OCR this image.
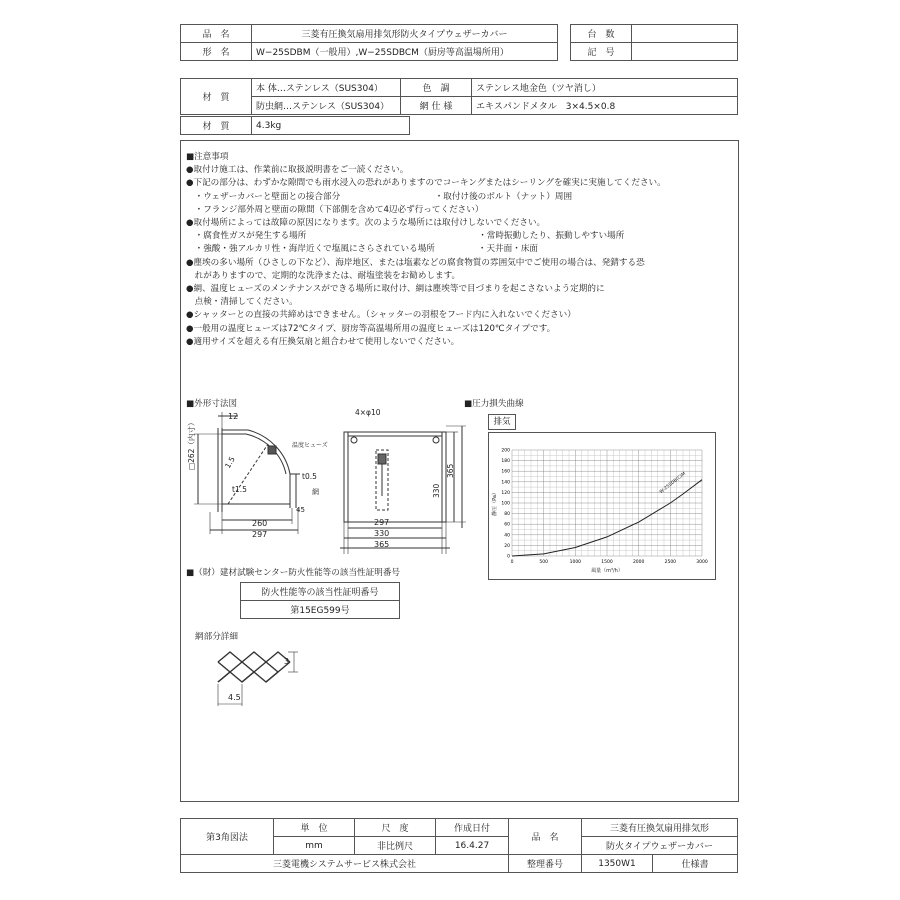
品　名	三菱有圧換気扇用排気形防火タイプウェザーカバー
形　名	W−25SDBM（一般用）,W−25SDBCM（厨房等高温場所用）
台　数	
記　号	
材　質	本 体…ステンレス（SUS304）	色　調	ステンレス地金色（ツヤ消し）
	防虫網…ステンレス（SUS304）	網 仕 様	エキスパンドメタル　3×4.5×0.8
材　質	4.3kg
■注意事項
●取付け施工は、作業前に取扱説明書をご一読ください。
●下記の部分は、わずかな隙間でも雨水浸入の恐れがありますのでコーキングまたはシーリングを確実に実施してください。
　・ウェザーカバーと壁面との接合部分　　　　　　　　　　　・取付け後のボルト（ナット）周囲
　・フランジ部外周と壁面の隙間（下部側を含めて4辺必ず行ってください）
●取付場所によっては故障の原因になります。次のような場所には取付けしないでください。
　・腐食性ガスが発生する場所　　　　　　　　　　　　　　　　　　　　・常時振動したり、振動しやすい場所
　・強酸・強アルカリ性・海岸近くで塩風にさらされている場所　　　　　・天井面・床面
●塵埃の多い場所（ひさしの下など）、海岸地区、または塩素などの腐食物質の雰囲気中でご使用の場合は、発錆する恐
　れがありますので、定期的な洗浄または、耐塩塗装をお勧めします。
●網、温度ヒューズのメンテナンスができる場所に取付け、網は塵埃等で目づまりを起こさないよう定期的に
　点検・清掃してください。
●シャッターとの直接の共締めはできません。（シャッターの羽根をフード内に入れないでください）
●一般用の温度ヒューズは72℃タイプ、厨房等高温場所用の温度ヒューズは120℃タイプです。
●適用サイズを超える有圧換気扇と組合わせて使用しないでください。
■外形寸法図
12
□262（内寸）	1.5
t1.5
t0.5
温度ヒューズ
網
45
260
297
4×φ10
330
365
297
330
365
■圧力損失曲線
排気
0	500	1000	1500	2000	2500	3000
0
20
40
60
80
100
120
140
160
180
200
W-25SDB(C)M
風量（m³/h）
静圧（Pa）
■（財）建材試験センター防火性能等の該当性証明番号
防火性能等の該当性証明番号
第15EG599号
網部分詳細
3
4.5
第3角図法	単　位	尺　度	作成日付	品　名	三菱有圧換気扇用排気形	
	mm	非比例尺	16.4.27		防火タイプウェザーカバー	
三菱電機システムサービス株式会社				整理番号	1350W1	仕様書
